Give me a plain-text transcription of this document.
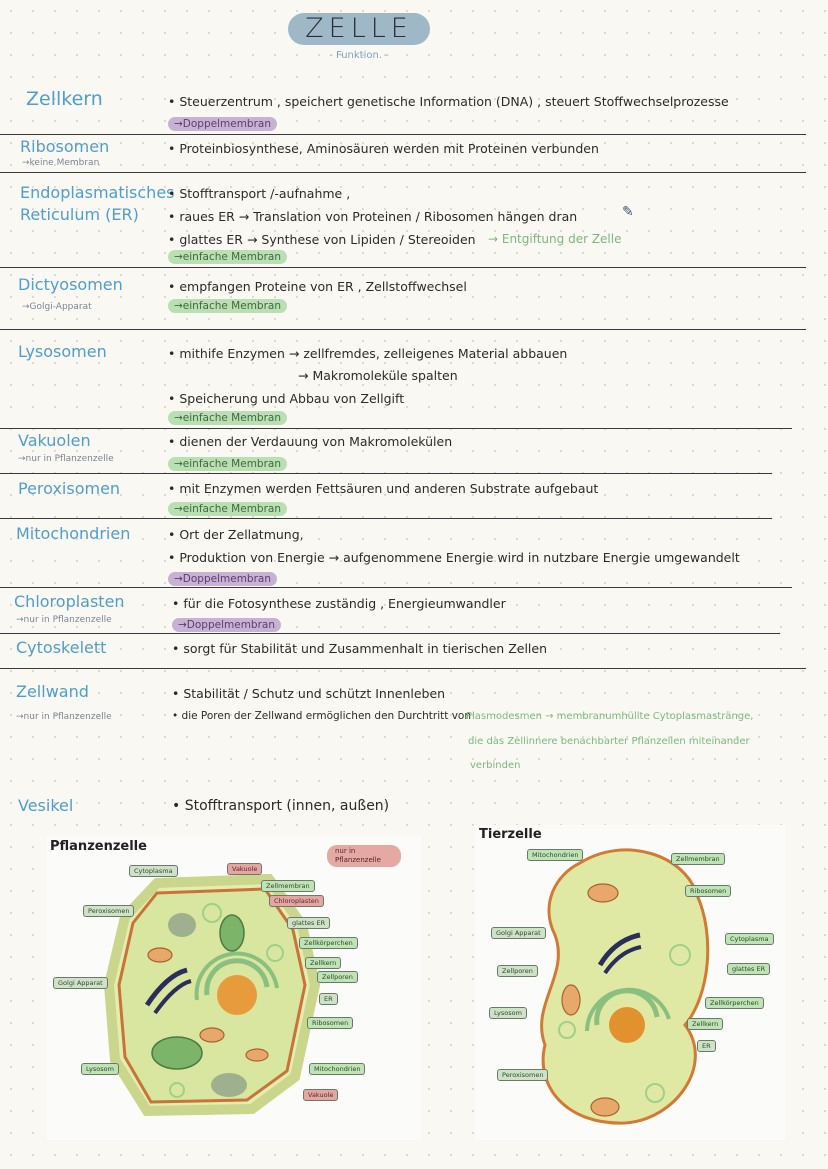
ZELLE
- Funktion. -
Zellkern	• Steuerzentrum , speichert genetische Information (DNA) , steuert Stoffwechselprozesse
→Doppelmembran
Ribosomen
→keine Membran
• Proteinbiosynthese, Aminosäuren werden mit Proteinen verbunden
Endoplasmatisches
Reticulum (ER)
• Stofftransport /-aufnahme ,
• raues ER → Translation von Proteinen / Ribosomen hängen dran	✎
• glattes ER → Synthese von Lipiden / Stereoiden → Entgiftung der Zelle
→einfache Membran
Dictyosomen
→Golgi-Apparat
• empfangen Proteine von ER , Zellstoffwechsel
→einfache Membran
Lysosomen	• mithife Enzymen → zellfremdes, zelleigenes Material abbauen
→ Makromoleküle spalten
• Speicherung und Abbau von Zellgift
→einfache Membran
Vakuolen
→nur in Pflanzenzelle
• dienen der Verdauung von Makromolekülen
→einfache Membran
Peroxisomen	• mit Enzymen werden Fettsäuren und anderen Substrate aufgebaut
→einfache Membran
Mitochondrien	• Ort der Zellatmung,
• Produktion von Energie → aufgenommene Energie wird in nutzbare Energie umgewandelt
→Doppelmembran
Chloroplasten
→nur in Pflanzenzelle
• für die Fotosynthese zuständig , Energieumwandler
→Doppelmembran
Cytoskelett	• sorgt für Stabilität und Zusammenhalt in tierischen Zellen
Zellwand
→nur in Pflanzenzelle
• Stabilität / Schutz und schützt Innenleben
• die Poren der Zellwand ermöglichen den Durchtritt von
Plasmodesmen → membranumhüllte Cytoplasmastränge,
die das Zellinnere benachbarter Pflanzellen miteinander
verbinden
Vesikel	• Stofftransport (innen, außen)
Pflanzenzelle	nur in Pflanzenzelle
Cytoplasma	Vakuole
Zellmembran
Chloroplasten
Peroxisomen
glattes ER
Zellkörperchen
Golgi Apparat
Zellkern
Zellporen
ER
Ribosomen
Lysosom	Mitochondrien
Vakuole
Tierzelle
Mitochondrien	Zellmembran
Ribosomen
Golgi Apparat
Cytoplasma
glattes ER
Zellporen
Zellkörperchen
Lysosom
Zellkern
ER
Peroxisomen
